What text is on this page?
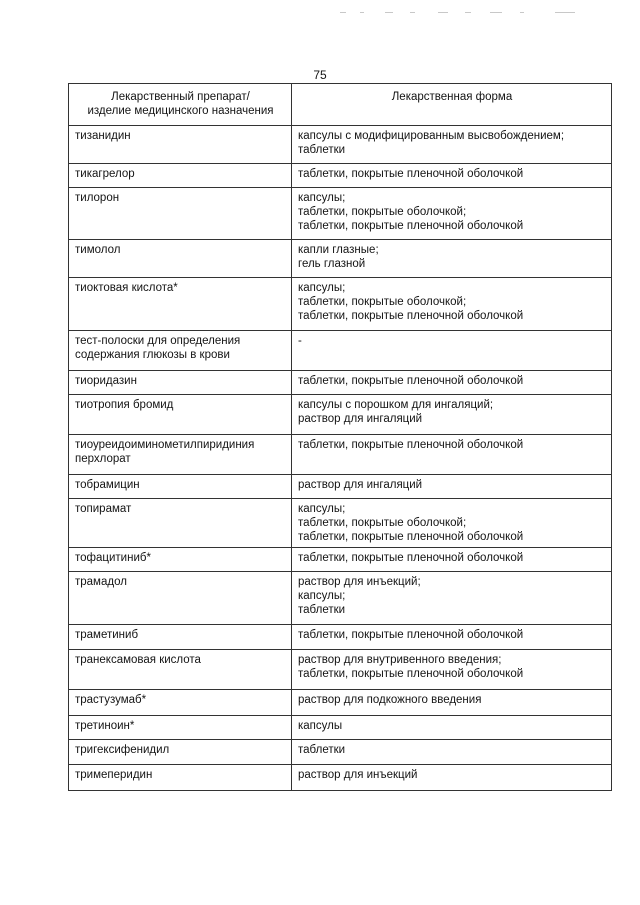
75
Лекарственный препарат/
изделие медицинского назначения	Лекарственная форма

тизанидин	капсулы с модифицированным высвобождением;
таблетки

тикагрелор	таблетки, покрытые пленочной оболочкой

тилорон	капсулы;
таблетки, покрытые оболочкой;
таблетки, покрытые пленочной оболочкой

тимолол	капли глазные;
гель глазной

тиоктовая кислота*	капсулы;
таблетки, покрытые оболочкой;
таблетки, покрытые пленочной оболочкой

тест-полоски для определения
содержания глюкозы в крови	-

тиоридазин	таблетки, покрытые пленочной оболочкой

тиотропия бромид	капсулы с порошком для ингаляций;
раствор для ингаляций

тиоуреидоиминометилпиридиния
перхлорат	таблетки, покрытые пленочной оболочкой

тобрамицин	раствор для ингаляций

топирамат	капсулы;
таблетки, покрытые оболочкой;
таблетки, покрытые пленочной оболочкой

тофацитиниб*	таблетки, покрытые пленочной оболочкой

трамадол	раствор для инъекций;
капсулы;
таблетки

траметиниб	таблетки, покрытые пленочной оболочкой

транексамовая кислота	раствор для внутривенного введения;
таблетки, покрытые пленочной оболочкой

трастузумаб*	раствор для подкожного введения

третиноин*	капсулы

тригексифенидил	таблетки

тримеперидин	раствор для инъекций
